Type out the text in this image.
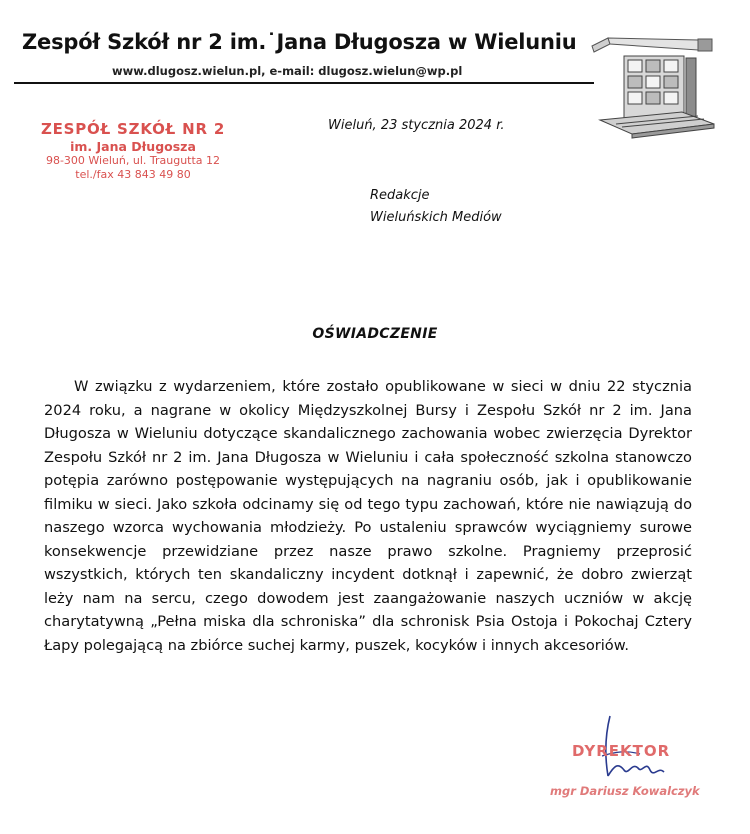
Zespół Szkół nr 2 im.˙Jana Długosza w Wieluniu
www.dlugosz.wielun.pl, e-mail: dlugosz.wielun@wp.pl
ZESPÓŁ SZKÓŁ NR 2
im. Jana Długosza
98-300 Wieluń, ul. Traugutta 12
tel./fax 43 843 49 80
Wieluń, 23 stycznia 2024 r.
Redakcje
Wieluńskich Mediów
OŚWIADCZENIE

W związku z wydarzeniem, które zostało opublikowane w sieci w dniu 22 stycznia 2024 roku, a nagrane w okolicy Międzyszkolnej Bursy i Zespołu Szkół nr 2 im. Jana Długosza w Wieluniu dotyczące skandalicznego zachowania wobec zwierzęcia Dyrektor Zespołu Szkół nr 2 im. Jana Długosza w Wieluniu i cała społeczność szkolna stanowczo potępia zarówno postępowanie występujących na nagraniu osób, jak i opublikowanie filmiku w sieci. Jako szkoła odcinamy się od tego typu zachowań, które nie nawiązują do naszego wzorca wychowania młodzieży. Po ustaleniu sprawców wyciągniemy surowe konsekwencje przewidziane przez nasze prawo szkolne. Pragniemy przeprosić wszystkich, których ten skandaliczny incydent dotknął i zapewnić, że dobro zwierząt leży nam na sercu, czego dowodem jest zaangażowanie naszych uczniów w akcję charytatywną „Pełna miska dla schroniska” dla schronisk Psia Ostoja i Pokochaj Cztery Łapy polegającą na zbiórce suchej karmy, puszek, kocyków i innych akcesoriów.

DYREKTOR
mgr Dariusz Kowalczyk
